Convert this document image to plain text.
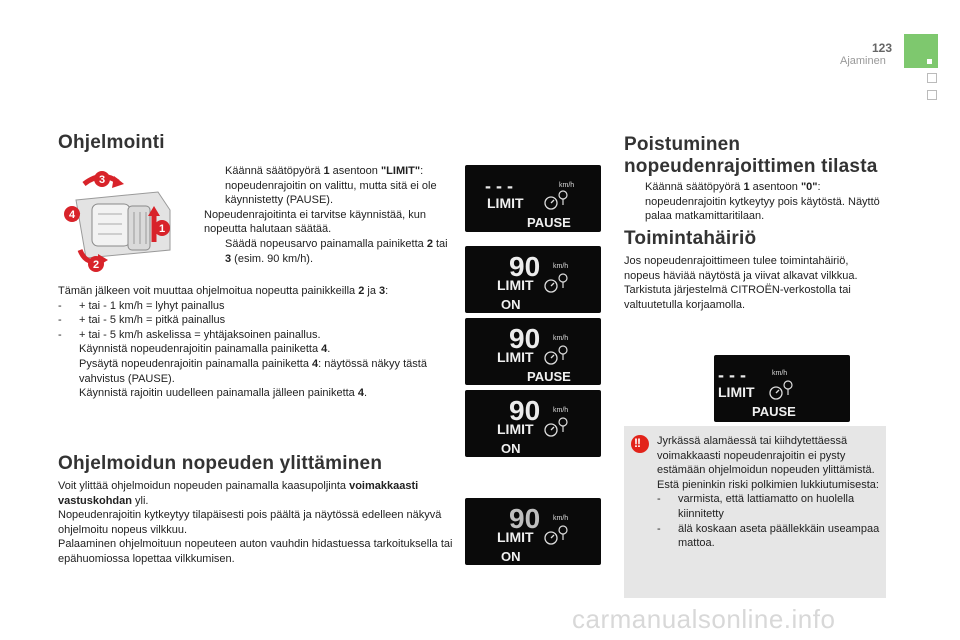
123
Ajaminen
Ohjelmointi
3
4
1
2

Käännä säätöpyörä 1 asentoon "LIMIT": nopeudenrajoitin on valittu, mutta sitä ei ole käynnistetty (PAUSE).

Nopeudenrajoitinta ei tarvitse käynnistää, kun nopeutta halutaan säätää.

Säädä nopeusarvo painamalla painiketta 2 tai 3 (esim. 90 km/h).

Tämän jälkeen voit muuttaa ohjelmoitua nopeutta painikkeilla 2 ja 3:

- + tai - 1 km/h = lyhyt painallus

- + tai - 5 km/h = pitkä painallus

- + tai - 5 km/h askelissa = yhtäjaksoinen painallus.

Käynnistä nopeudenrajoitin painamalla painiketta 4.

Pysäytä nopeudenrajoitin painamalla painiketta 4: näytössä näkyy tästä vahvistus (PAUSE).

Käynnistä rajoitin uudelleen painamalla jälleen painiketta 4.

Ohjelmoidun nopeuden ylittäminen

Voit ylittää ohjelmoidun nopeuden painamalla kaasupoljinta voimakkaasti vastuskohdan yli.

Nopeudenrajoitin kytkeytyy tilapäisesti pois päältä ja näytössä edelleen näkyvä ohjelmoitu nopeus vilkkuu.

Palaaminen ohjelmoituun nopeuteen auton vauhdin hidastuessa tarkoituksella tai epähuomiossa lopettaa vilkkumisen.

- - -	km/h
LIMIT
PAUSE
90 km/h
LIMIT
ON
90 km/h
LIMIT
PAUSE
90 km/h
LIMIT
ON
90 km/h
LIMIT
ON
Poistuminen
nopeudenrajoittimen tilasta

Käännä säätöpyörä 1 asentoon "0": nopeudenrajoitin kytkeytyy pois käytöstä. Näyttö palaa matkamittaritilaan.

Toimintahäiriö

Jos nopeudenrajoittimeen tulee toimintahäiriö, nopeus häviää näytöstä ja viivat alkavat vilkkua.

Tarkistuta järjestelmä CITROËN-verkostolla tai valtuutetulla korjaamolla.

- - -	km/h
LIMIT
PAUSE
!!

Jyrkässä alamäessä tai kiihdytettäessä voimakkaasti nopeudenrajoitin ei pysty estämään ohjelmoidun nopeuden ylittämistä.

Estä pieninkin riski polkimien lukkiutumisesta:

- varmista, että lattiamatto on huolella kiinnitetty

- älä koskaan aseta päällekkäin useampaa mattoa.

carmanualsonline.info
